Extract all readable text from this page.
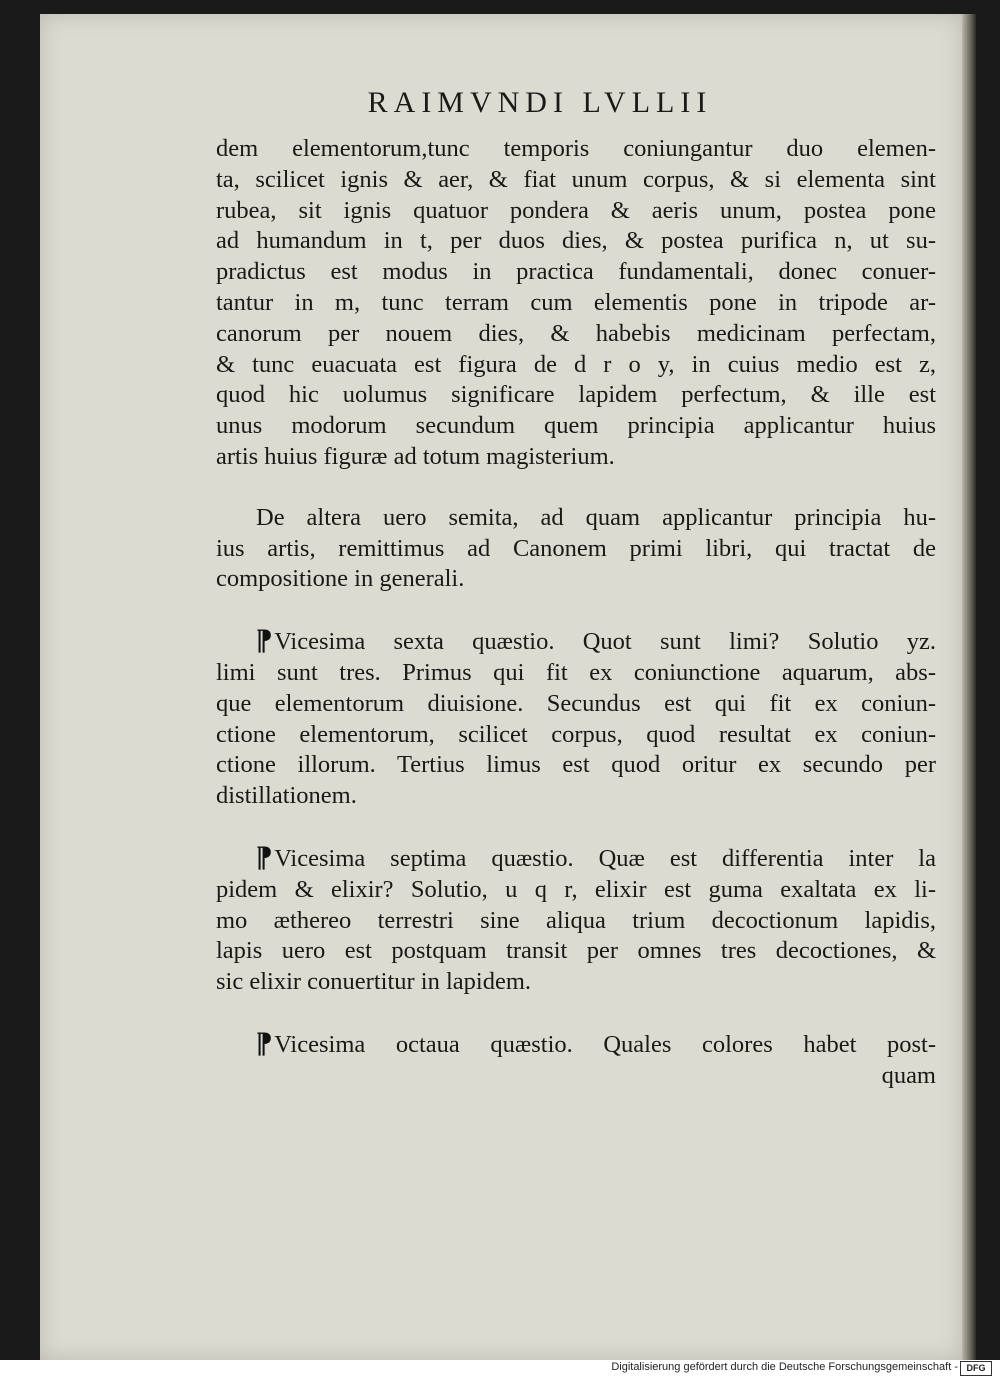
RAIMVNDI LVLLII
dem elementorum,tunc temporis coniungantur duo elemen-
ta, scilicet ignis & aer, & fiat unum corpus, & si elementa sint
rubea, sit ignis quatuor pondera & aeris unum, postea pone
ad humandum in t, per duos dies, & postea purifica n, ut su-
pradictus est modus in practica fundamentali, donec conuer-
tantur in m, tunc terram cum elementis pone in tripode ar-
canorum per nouem dies, & habebis medicinam perfectam,
& tunc euacuata est figura de d r o y, in cuius medio est z,
quod hic uolumus significare lapidem perfectum, & ille est
unus modorum secundum quem principia applicantur huius
artis huius figuræ ad totum magisterium.
De altera uero semita, ad quam applicantur principia hu-
ius artis, remittimus ad Canonem primi libri, qui tractat de
compositione in generali.
¶Vicesima sexta quæstio. Quot sunt limi? Solutio yz.
limi sunt tres. Primus qui fit ex coniunctione aquarum, abs-
que elementorum diuisione. Secundus est qui fit ex coniun-
ctione elementorum, scilicet corpus, quod resultat ex coniun-
ctione illorum. Tertius limus est quod oritur ex secundo per
distillationem.
¶Vicesima septima quæstio. Quæ est differentia inter la
pidem & elixir? Solutio, u q r, elixir est guma exaltata ex li-
mo æthereo terrestri sine aliqua trium decoctionum lapidis,
lapis uero est postquam transit per omnes tres decoctiones, &
sic elixir conuertitur in lapidem.
¶Vicesima octaua quæstio. Quales colores habet post-
quam
Digitalisierung gefördert durch die Deutsche Forschungsgemeinschaft - DFG
